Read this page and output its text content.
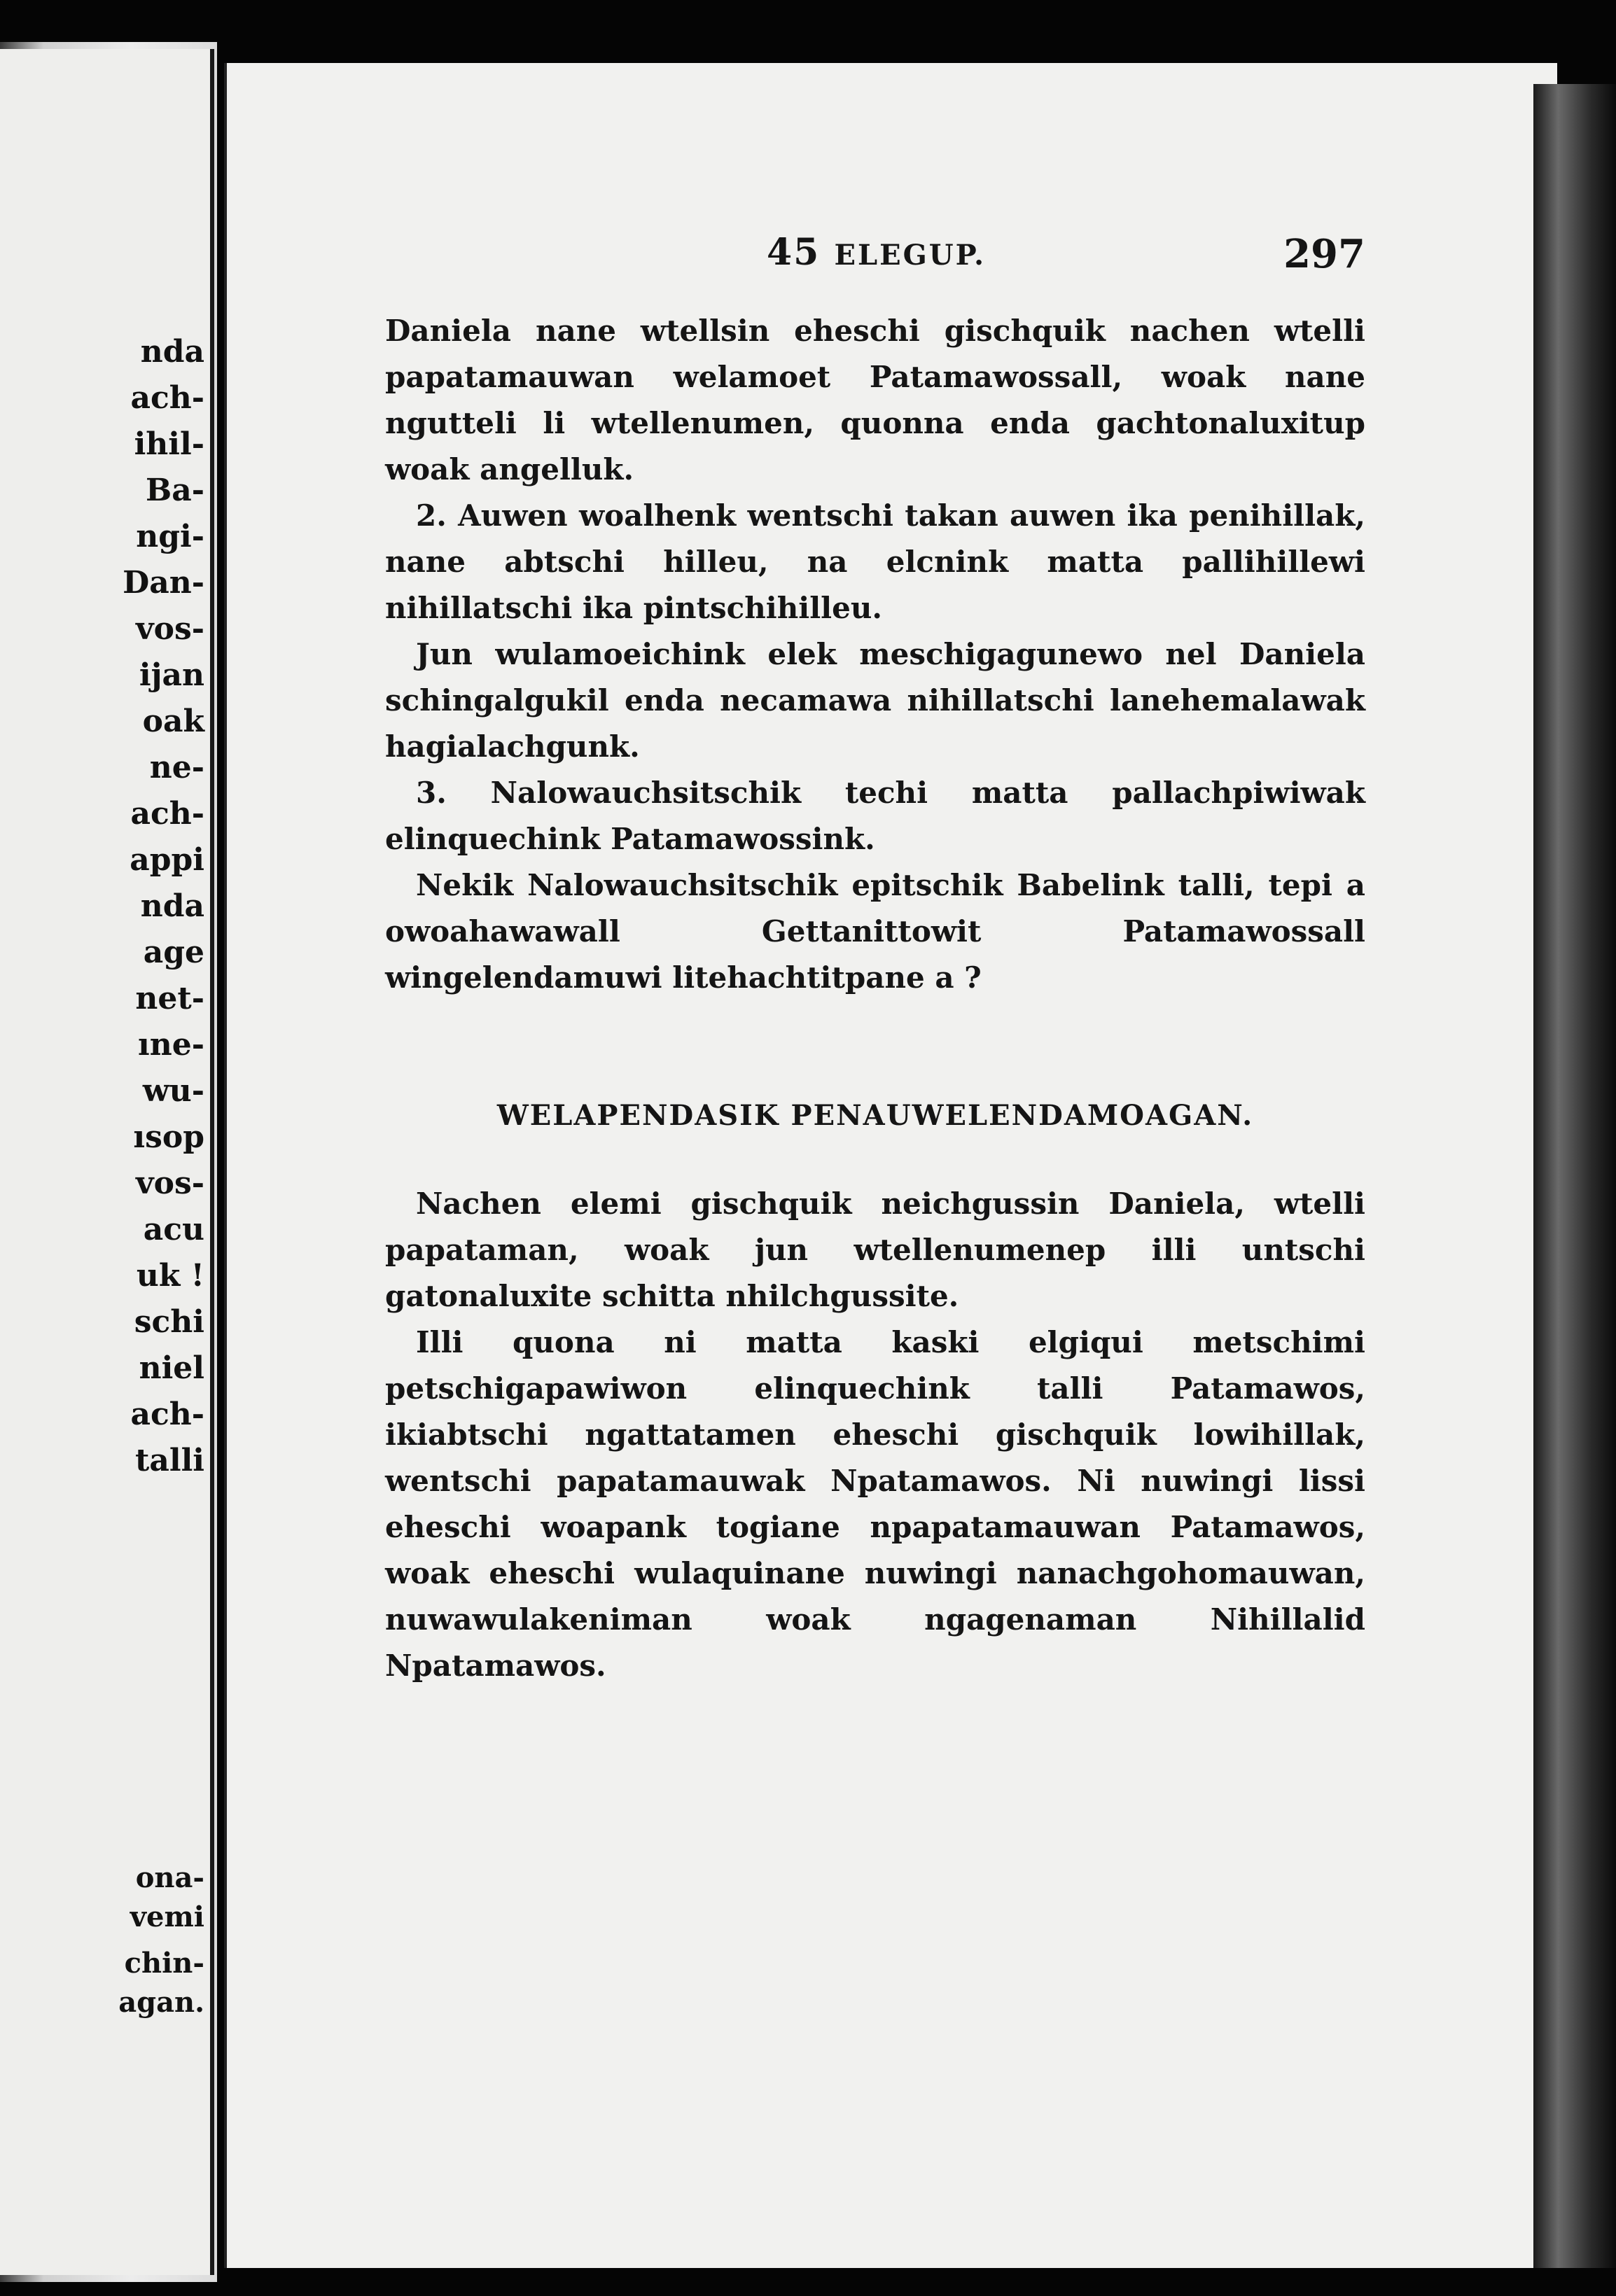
nda
ach-
ihil-
Ba-
ngi-
Dan-
vos-
ijan
oak
ne-
ach-
appi
nda
age
net-
ıne-
wu-
ısop
vos-
acu
uk !
schi
niel
ach-
talli
ona-
vemi
chin-
agan.
45 ELEGUP.	297

Daniela nane wtellsin eheschi gischquik nachen wtelli papatamauwan welamoet Patamawossall, woak nane ngutteli li wtellenumen, quonna enda gachtonaluxitup woak angelluk.

2. Auwen woalhenk wentschi takan auwen ika penihillak, nane abtschi hilleu, na elcnink matta pallihillewi nihillatschi ika pintschihilleu.

Jun wulamoeichink elek meschigagunewo nel Daniela schingalgukil enda necamawa nihillatschi lanehemalawak hagialachgunk.

3. Nalowauchsitschik techi matta pallachpiwiwak elinquechink Patamawossink.

Nekik Nalowauchsitschik epitschik Babelink talli, tepi a owoahawawall Gettanittowit Patamawossall wingelendamuwi litehachtitpane a ?

WELAPENDASIK PENAUWELENDAMOAGAN.

Nachen elemi gischquik neichgussin Daniela, wtelli papataman, woak jun wtellenumenep illi untschi gatonaluxite schitta nhilchgussite.

Illi quona ni matta kaski elgiqui metschimi petschigapawiwon elinquechink talli Patamawos, ikiabtschi ngattatamen eheschi gischquik lowihillak, wentschi papatamauwak Npatamawos. Ni nuwingi lissi eheschi woapank togiane npapatamauwan Patamawos, woak eheschi wulaquinane nuwingi nanachgohomauwan, nuwawulakeniman woak ngagenaman Nihillalid Npatamawos.
